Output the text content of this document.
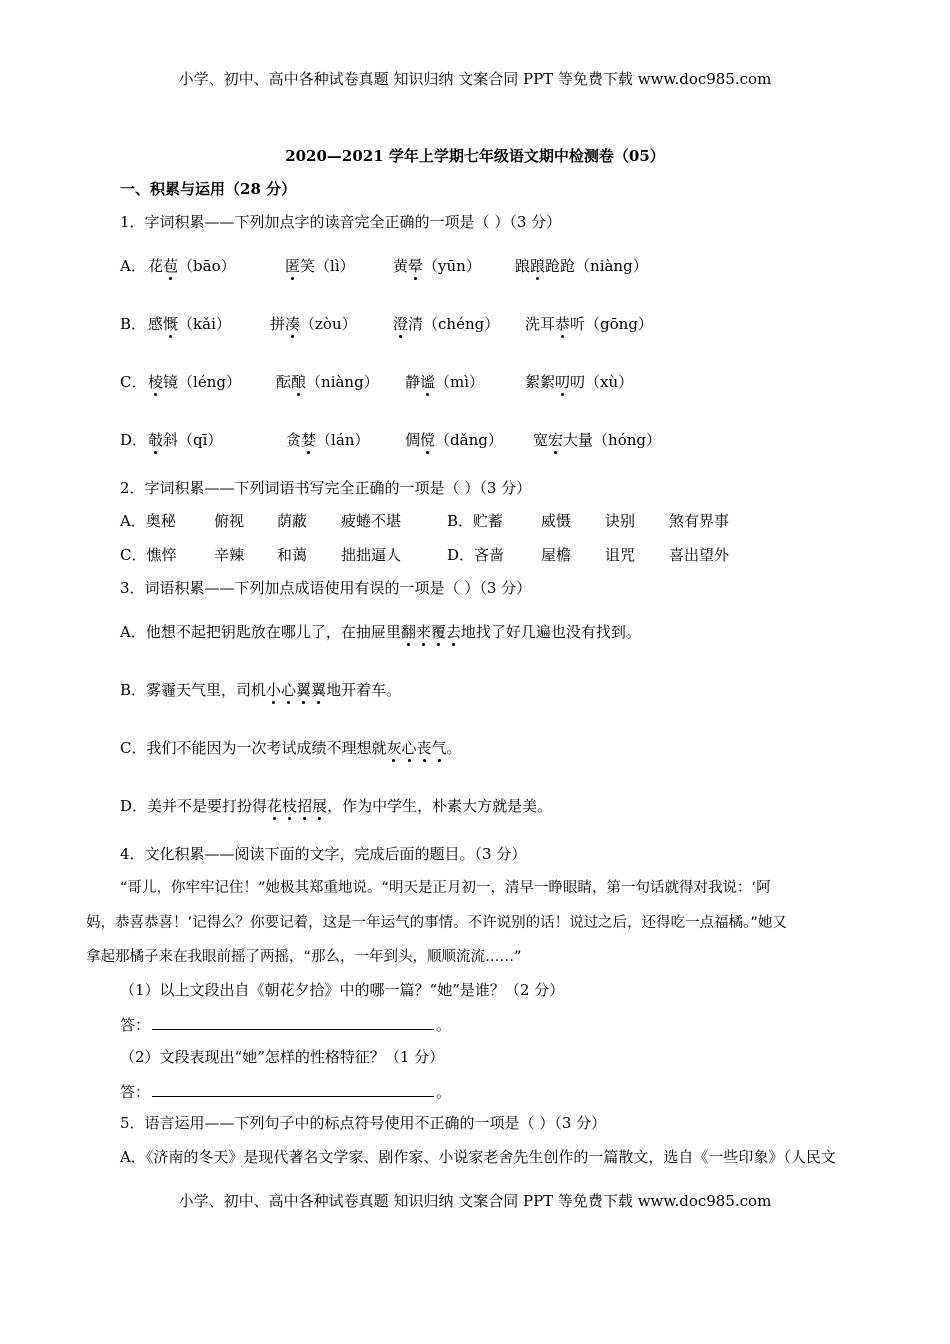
小学、初中、高中各种试卷真题 知识归纳 文案合同 PPT 等免费下载 www.doc985.com
2020—2021 学年上学期七年级语文期中检测卷（05）
一、积累与运用（28 分）
1．字词积累——下列加点字的读音完全正确的一项是（ ）（3 分）
A． 花苞（bāo）	匿笑（lì）	黄晕（yūn） 踉踉跄跄（niàng）
B． 感慨（kǎi）	拼凑（zòu） 澄清（chéng） 洗耳恭听（gōng）
C． 棱镜（léng） 酝酿（niàng） 静谧（mì）	絮絮叨叨（xù）
D． 攲斜（qī）	贪婪（lán） 倜傥（dǎng） 宽宏大量（hóng）
2．字词积累——下列词语书写完全正确的一项是（ ）（3 分）
A．奥秘	俯视 荫蔽 疲蜷不堪	B．贮蓄	威慑 诀别 煞有界事
C．憔悴	辛辣 和蔼 拙拙逼人	D．吝啬 屋檐 诅咒 喜出望外
3．词语积累——下列加点成语使用有误的一项是（ ）（3 分）
A．他想不起把钥匙放在哪儿了，在抽屉里翻来覆去地找了好几遍也没有找到。
B．雾霾天气里，司机小心翼翼地开着车。
C．我们不能因为一次考试成绩不理想就灰心丧气。
D．美并不是要打扮得花枝招展，作为中学生，朴素大方就是美。
4．文化积累——阅读下面的文字，完成后面的题目。（3 分）
“哥儿，你牢牢记住！”她极其郑重地说。“明天是正月初一，清早一睁眼睛，第一句话就得对我说：‘阿
妈，恭喜恭喜！’记得么？你要记着，这是一年运气的事情。不许说别的话！说过之后，还得吃一点福橘。”她又
拿起那橘子来在我眼前摇了两摇，“那么，一年到头，顺顺流流……”
（1）以上文段出自《朝花夕拾》中的哪一篇？“她”是谁？（2 分）
答：	。
（2）文段表现出“她”怎样的性格特征？（1 分）
答：	。
5．语言运用——下列句子中的标点符号使用不正确的一项是（ ）（3 分）
A．《济南的冬天》是现代著名文学家、剧作家、小说家老舍先生创作的一篇散文，选自《一些印象》（人民文
小学、初中、高中各种试卷真题 知识归纳 文案合同 PPT 等免费下载 www.doc985.com
